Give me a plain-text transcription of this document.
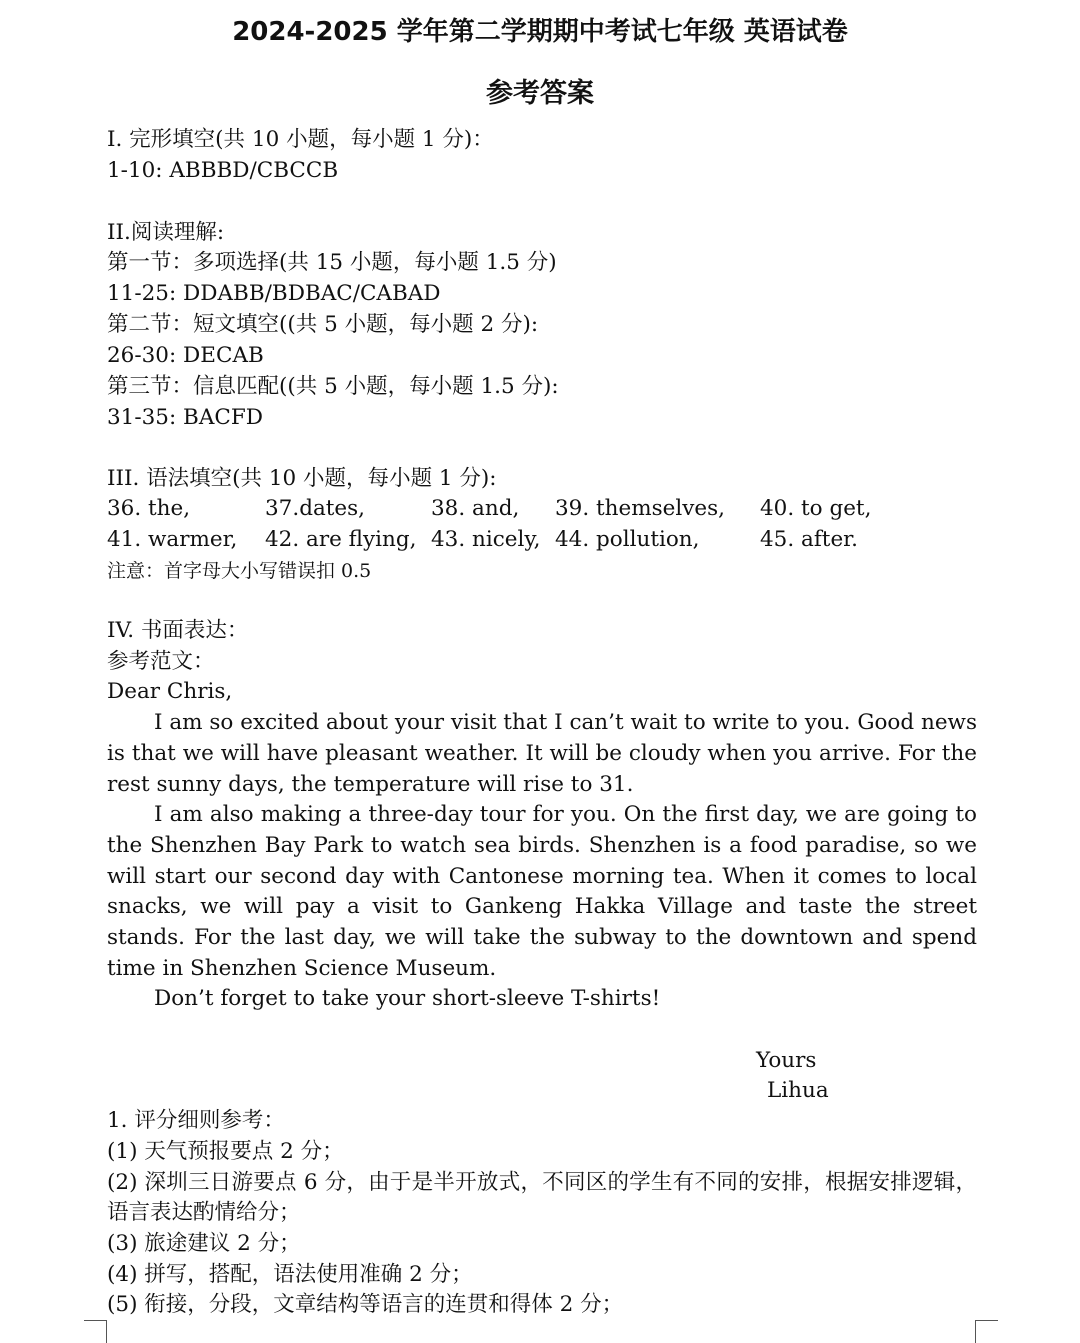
2024-2025 学年第二学期期中考试七年级 英语试卷
参考答案
I. 完形填空(共 10 小题，每小题 1 分)：
1-10: ABBBD/CBCCB
II.阅读理解:
第一节：多项选择(共 15 小题，每小题 1.5 分)
11-25: DDABB/BDBAC/CABAD
第二节：短文填空((共 5 小题，每小题 2 分):
26-30: DECAB
第三节：信息匹配((共 5 小题，每小题 1.5 分):
31-35: BACFD
III. 语法填空(共 10 小题，每小题 1 分):
36. the,	37.dates,	38. and, 39. themselves, 40. to get,
41. warmer, 42. are flying, 43. nicely, 44. pollution,	45. after.
注意：首字母大小写错误扣 0.5
IV. 书面表达：
参考范文：
Dear Chris,
I am so excited about your visit that I can’t wait to write to you. Good news is that we will have pleasant weather. It will be cloudy when you arrive. For the rest sunny days, the temperature will rise to 31.
I am also making a three-day tour for you. On the first day, we are going to the Shenzhen Bay Park to watch sea birds. Shenzhen is a food paradise, so we will start our second day with Cantonese morning tea. When it comes to local snacks, we will pay a visit to Gankeng Hakka Village and taste the street stands. For the last day, we will take the subway to the downtown and spend time in Shenzhen Science Museum.
Don’t forget to take your short-sleeve T-shirts!
Yours
Lihua
1. 评分细则参考：
(1) 天气预报要点 2 分；
(2) 深圳三日游要点 6 分，由于是半开放式，不同区的学生有不同的安排，根据安排逻辑，语言表达酌情给分；
(3) 旅途建议 2 分；
(4) 拼写，搭配，语法使用准确 2 分；
(5) 衔接，分段，文章结构等语言的连贯和得体 2 分；
